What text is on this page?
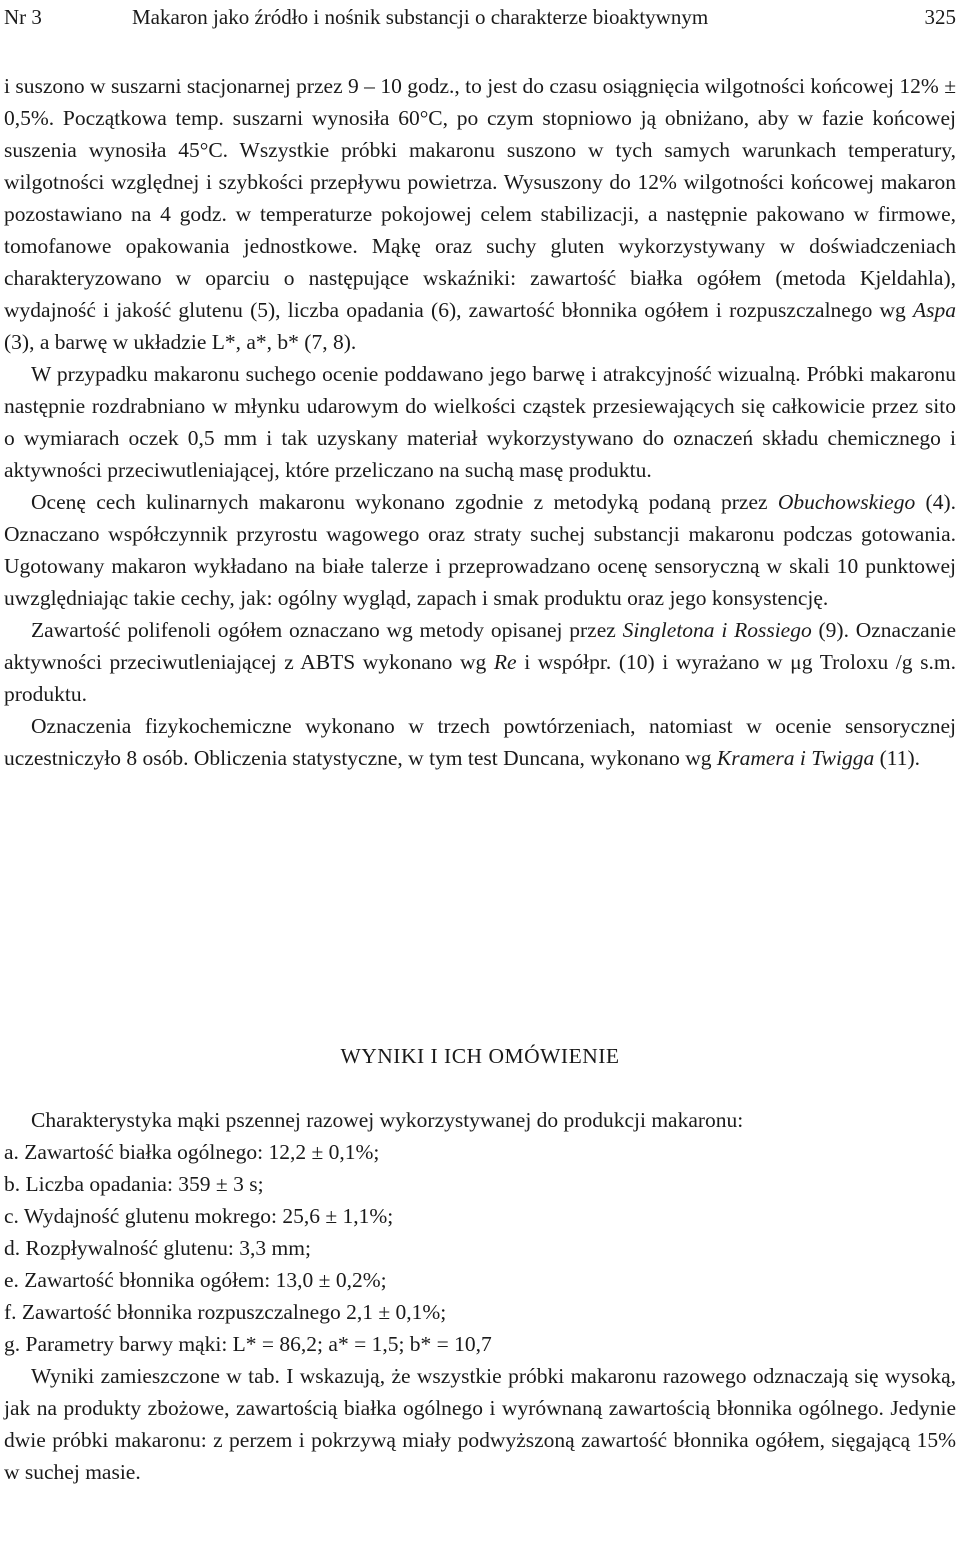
Nr 3	Makaron jako źródło i nośnik substancji o charakterze bioaktywnym	325

i suszono w suszarni stacjonarnej przez 9 – 10 godz., to jest do czasu osiągnięcia wilgotności końcowej 12% ± 0,5%. Początkowa temp. suszarni wynosiła 60°C, po czym stopniowo ją obniżano, aby w fazie końcowej suszenia wynosiła 45°C. Wszystkie próbki makaronu suszono w tych samych warunkach temperatury, wilgotności względnej i szybkości przepływu powietrza. Wysuszony do 12% wilgotności końcowej makaron pozostawiano na 4 godz. w temperaturze pokojowej celem stabilizacji, a następnie pakowano w firmowe, tomofanowe opakowania jednostkowe. Mąkę oraz suchy gluten wykorzystywany w doświadczeniach charakteryzowano w oparciu o następujące wskaźniki: zawartość białka ogółem (metoda Kjeldahla), wydajność i jakość glutenu (5), liczba opadania (6), zawartość błonnika ogółem i rozpuszczalnego wg Aspa (3), a barwę w układzie L*, a*, b* (7, 8).

W przypadku makaronu suchego ocenie poddawano jego barwę i atrakcyjność wizualną. Próbki makaronu następnie rozdrabniano w młynku udarowym do wielkości cząstek przesiewających się całkowicie przez sito o wymiarach oczek 0,5 mm i tak uzyskany materiał wykorzystywano do oznaczeń składu chemicznego i aktywności przeciwutleniającej, które przeliczano na suchą masę produktu.

Ocenę cech kulinarnych makaronu wykonano zgodnie z metodyką podaną przez Obuchowskiego (4). Oznaczano współczynnik przyrostu wagowego oraz straty suchej substancji makaronu podczas gotowania. Ugotowany makaron wykładano na białe talerze i przeprowadzano ocenę sensoryczną w skali 10 punktowej uwzględniając takie cechy, jak: ogólny wygląd, zapach i smak produktu oraz jego konsystencję.

Zawartość polifenoli ogółem oznaczano wg metody opisanej przez Singletona i Rossiego (9). Oznaczanie aktywności przeciwutleniającej z ABTS wykonano wg Re i współpr. (10) i wyrażano w μg Troloxu /g s.m. produktu.

Oznaczenia fizykochemiczne wykonano w trzech powtórzeniach, natomiast w ocenie sensorycznej uczestniczyło 8 osób. Obliczenia statystyczne, w tym test Duncana, wykonano wg Kramera i Twigga (11).

WYNIKI I ICH OMÓWIENIE

Charakterystyka mąki pszennej razowej wykorzystywanej do produkcji makaronu:

a. Zawartość białka ogólnego: 12,2 ± 0,1%;
b. Liczba opadania: 359 ± 3 s;
c. Wydajność glutenu mokrego: 25,6 ± 1,1%;
d. Rozpływalność glutenu: 3,3 mm;
e. Zawartość błonnika ogółem: 13,0 ± 0,2%;
f. Zawartość błonnika rozpuszczalnego 2,1 ± 0,1%;
g. Parametry barwy mąki: L* = 86,2; a* = 1,5; b* = 10,7

Wyniki zamieszczone w tab. I wskazują, że wszystkie próbki makaronu razowego odznaczają się wysoką, jak na produkty zbożowe, zawartością białka ogólnego i wyrównaną zawartością błonnika ogólnego. Jedynie dwie próbki makaronu: z perzem i pokrzywą miały podwyższoną zawartość błonnika ogółem, sięgającą 15% w suchej masie.
